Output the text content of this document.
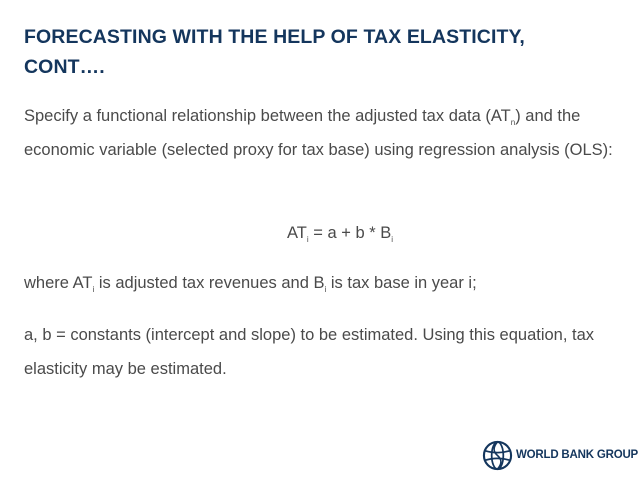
FORECASTING WITH THE HELP OF TAX ELASTICITY,
CONT….
Specify a functional relationship between the adjusted tax data $(AT_n)$ and the economic variable (selected proxy for tax base) using regression analysis (OLS):
$AT_i = a + b * B_i$
where $AT_i$ is adjusted tax revenues and $B_i$ is tax base in year i;
a, b = constants (intercept and slope) to be estimated. Using this equation, tax elasticity may be estimated.
WORLD BANK GROUP
